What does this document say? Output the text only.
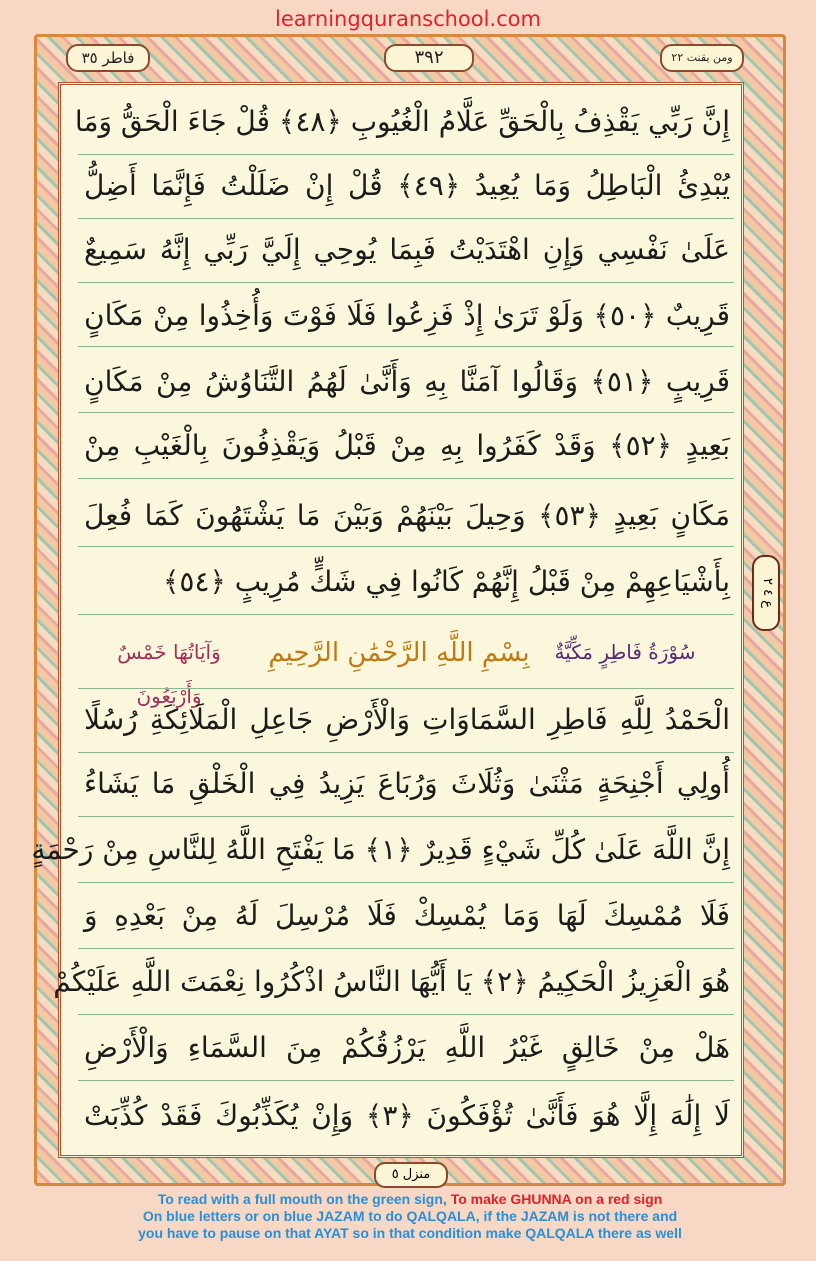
learningquranschool.com
فاطر ٣٥	٣٩٢	ومن يقنت ٢٢
إِنَّ رَبِّي يَقْذِفُ بِالْحَقِّ عَلَّامُ الْغُيُوبِ ﴿٤٨﴾ قُلْ جَاءَ الْحَقُّ وَمَا
يُبْدِئُ الْبَاطِلُ وَمَا يُعِيدُ ﴿٤٩﴾ قُلْ إِنْ ضَلَلْتُ فَإِنَّمَا أَضِلُّ
عَلَىٰ نَفْسِي وَإِنِ اهْتَدَيْتُ فَبِمَا يُوحِي إِلَيَّ رَبِّي إِنَّهُ سَمِيعٌ
قَرِيبٌ ﴿٥٠﴾ وَلَوْ تَرَىٰ إِذْ فَزِعُوا فَلَا فَوْتَ وَأُخِذُوا مِنْ مَكَانٍ
قَرِيبٍ ﴿٥١﴾ وَقَالُوا آمَنَّا بِهِ وَأَنَّىٰ لَهُمُ التَّنَاوُشُ مِنْ مَكَانٍ
بَعِيدٍ ﴿٥٢﴾ وَقَدْ كَفَرُوا بِهِ مِنْ قَبْلُ وَيَقْذِفُونَ بِالْغَيْبِ مِنْ
مَكَانٍ بَعِيدٍ ﴿٥٣﴾ وَحِيلَ بَيْنَهُمْ وَبَيْنَ مَا يَشْتَهُونَ كَمَا فُعِلَ
بِأَشْيَاعِهِمْ مِنْ قَبْلُ إِنَّهُمْ كَانُوا فِي شَكٍّ مُرِيبٍ ﴿٥٤﴾	ع ٤ ٢
سُوْرَةُ فَاطِرٍ مَكِّيَّةٌ
بِسْمِ اللَّهِ الرَّحْمَٰنِ الرَّحِيمِ
وَآيَاتُهَا خَمْسٌ وَأَرْبَعُونَ
الْحَمْدُ لِلَّهِ فَاطِرِ السَّمَاوَاتِ وَالْأَرْضِ جَاعِلِ الْمَلَائِكَةِ رُسُلًا
أُولِي أَجْنِحَةٍ مَثْنَىٰ وَثُلَاثَ وَرُبَاعَ يَزِيدُ فِي الْخَلْقِ مَا يَشَاءُ
إِنَّ اللَّهَ عَلَىٰ كُلِّ شَيْءٍ قَدِيرٌ ﴿١﴾ مَا يَفْتَحِ اللَّهُ لِلنَّاسِ مِنْ رَحْمَةٍ
فَلَا مُمْسِكَ لَهَا وَمَا يُمْسِكْ فَلَا مُرْسِلَ لَهُ مِنْ بَعْدِهِ وَ
هُوَ الْعَزِيزُ الْحَكِيمُ ﴿٢﴾ يَا أَيُّهَا النَّاسُ اذْكُرُوا نِعْمَتَ اللَّهِ عَلَيْكُمْ
هَلْ مِنْ خَالِقٍ غَيْرُ اللَّهِ يَرْزُقُكُمْ مِنَ السَّمَاءِ وَالْأَرْضِ
لَا إِلَٰهَ إِلَّا هُوَ فَأَنَّىٰ تُؤْفَكُونَ ﴿٣﴾ وَإِنْ يُكَذِّبُوكَ فَقَدْ كُذِّبَتْ
منزل ٥
To read with a full mouth on the green sign, To make GHUNNA on a red sign
On blue letters or on blue JAZAM to do QALQALA, if the JAZAM is not there and
you have to pause on that AYAT so in that condition make QALQALA there as well
